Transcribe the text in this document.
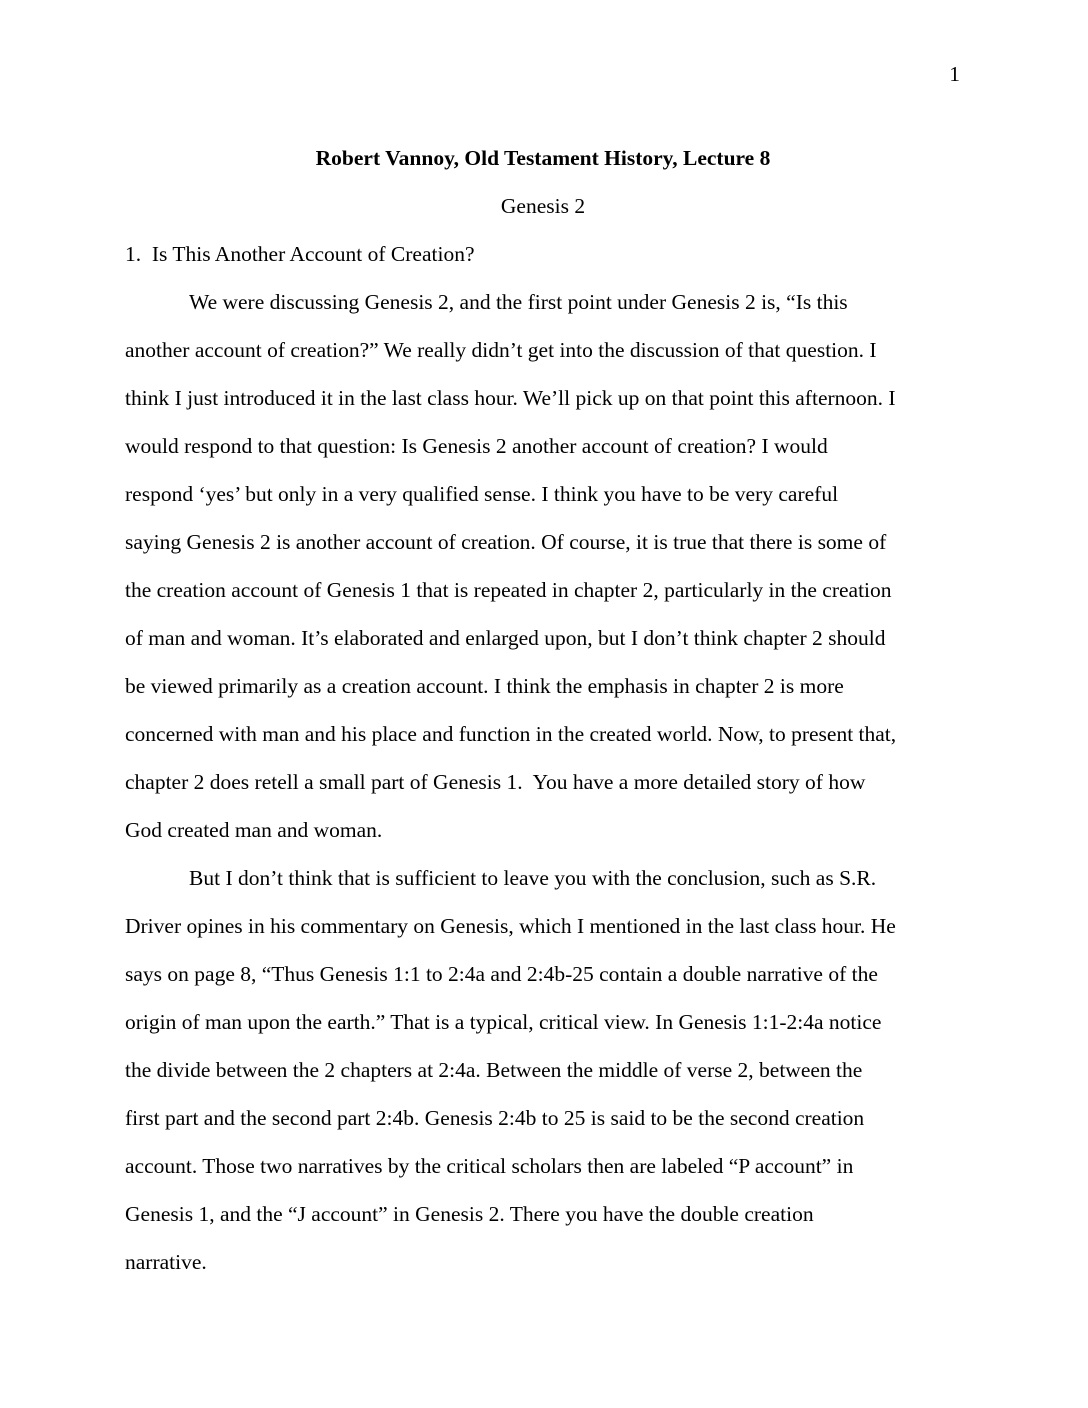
1
Robert Vannoy, Old Testament History, Lecture 8
Genesis 2
1.  Is This Another Account of Creation?
We were discussing Genesis 2, and the first point under Genesis 2 is, “Is this
another account of creation?” We really didn’t get into the discussion of that question. I
think I just introduced it in the last class hour. We’ll pick up on that point this afternoon. I
would respond to that question: Is Genesis 2 another account of creation? I would
respond ‘yes’ but only in a very qualified sense. I think you have to be very careful
saying Genesis 2 is another account of creation. Of course, it is true that there is some of
the creation account of Genesis 1 that is repeated in chapter 2, particularly in the creation
of man and woman. It’s elaborated and enlarged upon, but I don’t think chapter 2 should
be viewed primarily as a creation account. I think the emphasis in chapter 2 is more
concerned with man and his place and function in the created world. Now, to present that,
chapter 2 does retell a small part of Genesis 1.  You have a more detailed story of how
God created man and woman.
But I don’t think that is sufficient to leave you with the conclusion, such as S.R.
Driver opines in his commentary on Genesis, which I mentioned in the last class hour. He
says on page 8, “Thus Genesis 1:1 to 2:4a and 2:4b-25 contain a double narrative of the
origin of man upon the earth.” That is a typical, critical view. In Genesis 1:1-2:4a notice
the divide between the 2 chapters at 2:4a. Between the middle of verse 2, between the
first part and the second part 2:4b. Genesis 2:4b to 25 is said to be the second creation
account. Those two narratives by the critical scholars then are labeled “P account” in
Genesis 1, and the “J account” in Genesis 2. There you have the double creation
narrative.
